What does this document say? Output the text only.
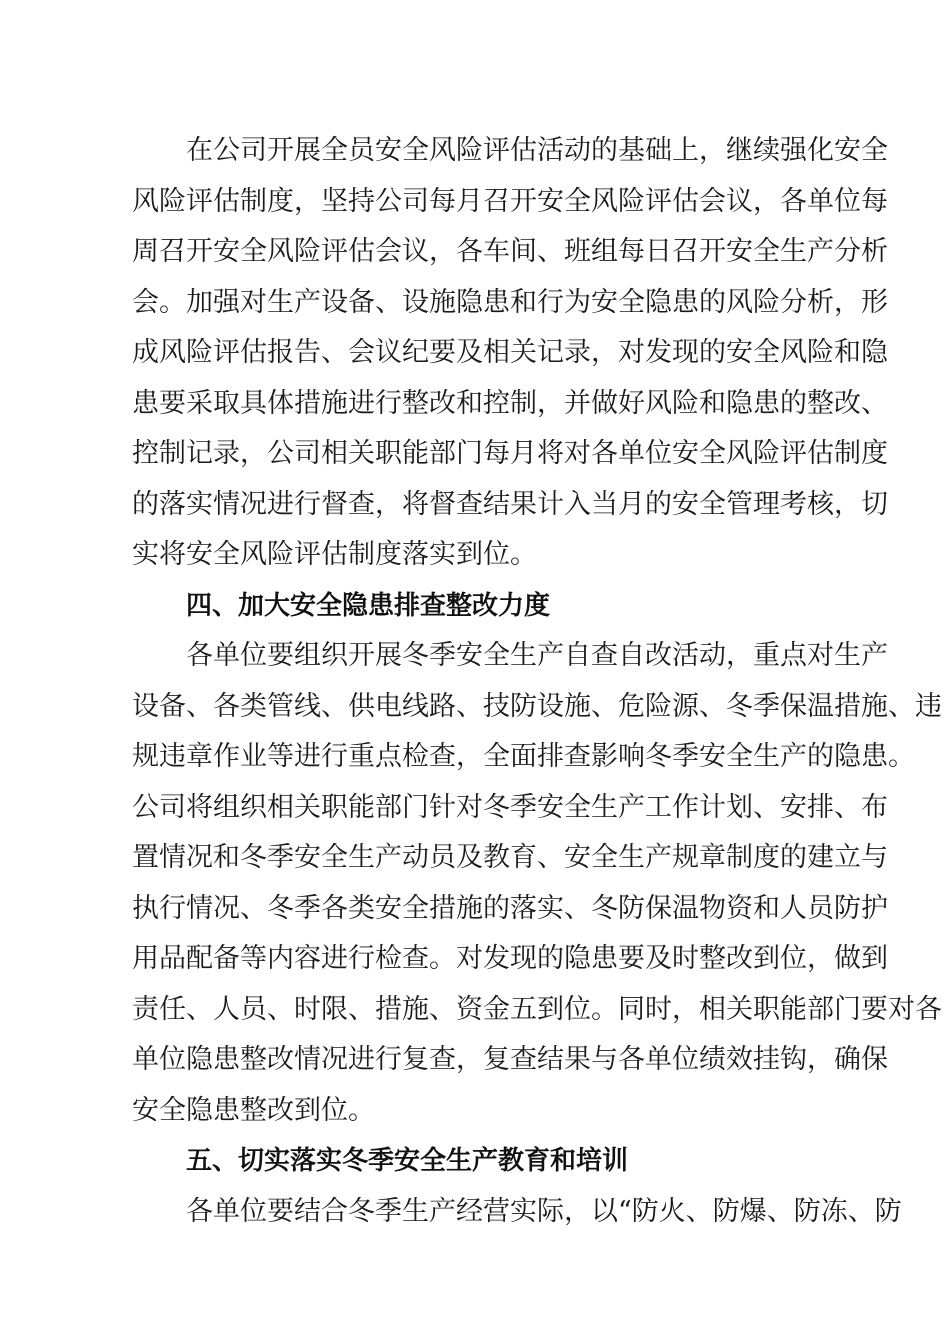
在公司开展全员安全风险评估活动的基础上，继续强化安全
风险评估制度，坚持公司每月召开安全风险评估会议，各单位每
周召开安全风险评估会议，各车间、班组每日召开安全生产分析
会。加强对生产设备、设施隐患和行为安全隐患的风险分析，形
成风险评估报告、会议纪要及相关记录，对发现的安全风险和隐
患要采取具体措施进行整改和控制，并做好风险和隐患的整改、
控制记录，公司相关职能部门每月将对各单位安全风险评估制度
的落实情况进行督查，将督查结果计入当月的安全管理考核，切
实将安全风险评估制度落实到位。
四、加大安全隐患排查整改力度
各单位要组织开展冬季安全生产自查自改活动，重点对生产
设备、各类管线、供电线路、技防设施、危险源、冬季保温措施、违
规违章作业等进行重点检查，全面排查影响冬季安全生产的隐患。
公司将组织相关职能部门针对冬季安全生产工作计划、安排、布
置情况和冬季安全生产动员及教育、安全生产规章制度的建立与
执行情况、冬季各类安全措施的落实、冬防保温物资和人员防护
用品配备等内容进行检查。对发现的隐患要及时整改到位，做到
责任、人员、时限、措施、资金五到位。同时，相关职能部门要对各
单位隐患整改情况进行复查，复查结果与各单位绩效挂钩，确保
安全隐患整改到位。
五、切实落实冬季安全生产教育和培训
各单位要结合冬季生产经营实际，以“防火、防爆、防冻、防
